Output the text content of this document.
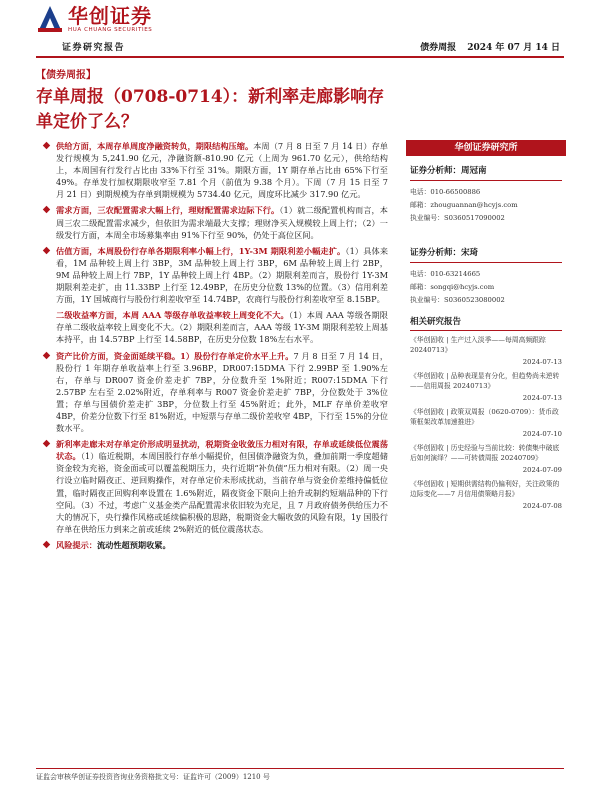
华创证券
HUA CHUANG SECURITIES
证券研究报告	债券周报 2024 年 07 月 14 日
【债券周报】
存单周报（0708-0714）：新利率走廊影响存单定价了么？
供给方面，本周存单周度净融资转负，期限结构压缩。本周（7 月 8 日至 7 月 14 日）存单发行规模为 5,241.90 亿元，净融资额-810.90 亿元（上周为 961.70 亿元），供给结构上，本周国有行发行占比由 33%下行至 31%。期限方面，1Y 期存单占比由 65%下行至 49%。存单发行加权期限收窄至 7.81 个月（前值为 9.38 个月）。下周（7 月 15 日至 7 月 21 日）到期规模为存单到期规模为 5734.40 亿元，周度环比减少 317.90 亿元。
需求方面，三农配置需求大幅上行，理财配置需求边际下行。（1）就二级配置机构而言，本周三农二级配置需求减少，但依旧为需求端最大支撑；理财净买入规模较上周上行；（2）一级发行方面，本周全市场募集率由 91%下行至 90%，仍处于高位区间。
估值方面，本周股份行存单各期限利率小幅上行，1Y-3M 期限利差小幅走扩。（1）具体来看，1M 品种较上周上行 3BP，3M 品种较上周上行 3BP，6M 品种较上周上行 2BP，9M 品种较上周上行 7BP，1Y 品种较上周上行 4BP。（2）期限利差而言，股份行 1Y-3M 期限利差走扩，由 11.33BP 上行至 12.49BP，在历史分位数 13%的位置。（3）信用利差方面，1Y 国城商行与股份行利差收窄至 14.74BP，农商行与股份行利差收窄至 8.15BP。
二级收益率方面，本周 AAA 等级存单收益率较上周变化不大。（1）本周 AAA 等级各期限存单二级收益率较上周变化不大。（2）期限利差而言，AAA 等级 1Y-3M 期限利差较上周基本持平，由 14.57BP 上行至 14.58BP，在历史分位数 18%左右水平。
资产比价方面，资金面延续平稳。1）股份行存单定价水平上升。7 月 8 日至 7 月 14 日，股份行 1 年期存单收益率上行至 3.96BP，DR007:15DMA 下行 2.99BP 至 1.90%左右，存单与 DR007 资金价差走扩 7BP，分位数升至 1%附近；R007:15DMA 下行 2.57BP 左右至 2.02%附近，存单利率与 R007 资金价差走扩 7BP，分位数处于 3%位置；存单与国债价差走扩 3BP，分位数上行至 45%附近；此外，MLF 存单价差收窄 4BP，价差分位数下行至 81%附近，中短票与存单二级价差收窄 4BP，下行至 15%的分位数水平。
新利率走廊未对存单定价形成明显扰动，税期资金收敛压力相对有限，存单或延续低位震荡状态。（1）临近税期，本周国股行存单小幅提价，但国债净融资为负，叠加前期一季度超储资金较为充裕，资金面或可以覆盖税期压力，央行近期“补负债”压力相对有限。（2）周一央行设立临时隔夜正、逆回购操作，对存单定价未形成扰动，当前存单与资金价差维持偏低位置，临时隔夜正回购利率设置在 1.6%附近，隔夜资金下限向上抬升或制约短端品种的下行空间。（3）不过，考虑广义基金类产品配置需求依旧较为充足，且 7 月政府债务供给压力不大的情况下，央行操作风格或延续偏积极的思路，税期资金大幅收敛的风险有限，1y 国股行存单在供给压力到来之前或延续 2%附近的低位震荡状态。
风险提示：流动性超预期收紧。
华创证券研究所
证券分析师：周冠南
电话：010-66500886
邮箱：zhouguannan@hcyjs.com
执业编号：S0360517090002
证券分析师：宋琦
电话：010-63214665
邮箱：songqi@hcyjs.com
执业编号：S0360523080002
相关研究报告
《华创固收 | 生产过入淡季——每周高频跟踪 20240713》
2024-07-13
《华创固收 | 品种表现显有分化，但趋势尚未逆转——信用周报 20240713》
2024-07-13
《华创固收 | 政策双周报（0620-0709）：货币政策框架改革加速推进》
2024-07-10
《华创固收 | 历史经验与当前比较：转债集中破底后如何演绎？——可转债周报 20240709》
2024-07-09
《华创固收 | 短期供需结构仍偏利好，关注政策的边际变化——7 月信用债策略月报》
2024-07-08
证监会审核华创证券投资咨询业务资格批文号：证监许可（2009）1210 号
